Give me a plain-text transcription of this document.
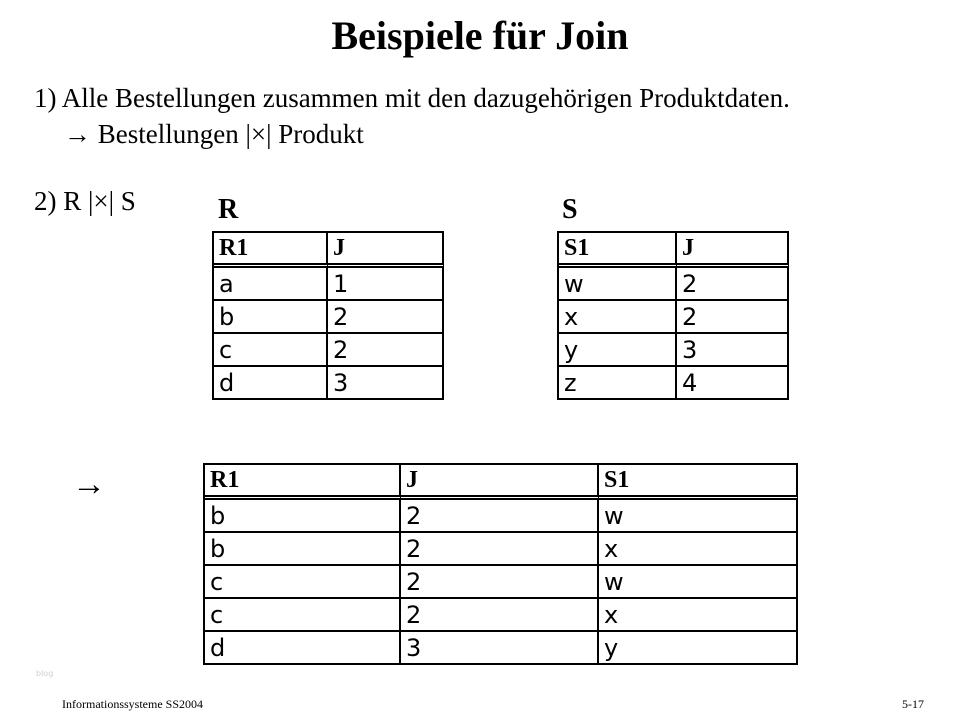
Beispiele für Join
1) Alle Bestellungen zusammen mit den dazugehörigen Produktdaten.
→ Bestellungen |×| Produkt
2) R |×| S	R	S
R1	J
a	1
b	2
c	2
d	3
S1	J
w	2
x	2
y	3
z	4
→	R1	J	S1
b	2	w
b	2	x
c	2	w
c	2	x
d	3	y
blog
Informationssysteme SS2004	5-17
